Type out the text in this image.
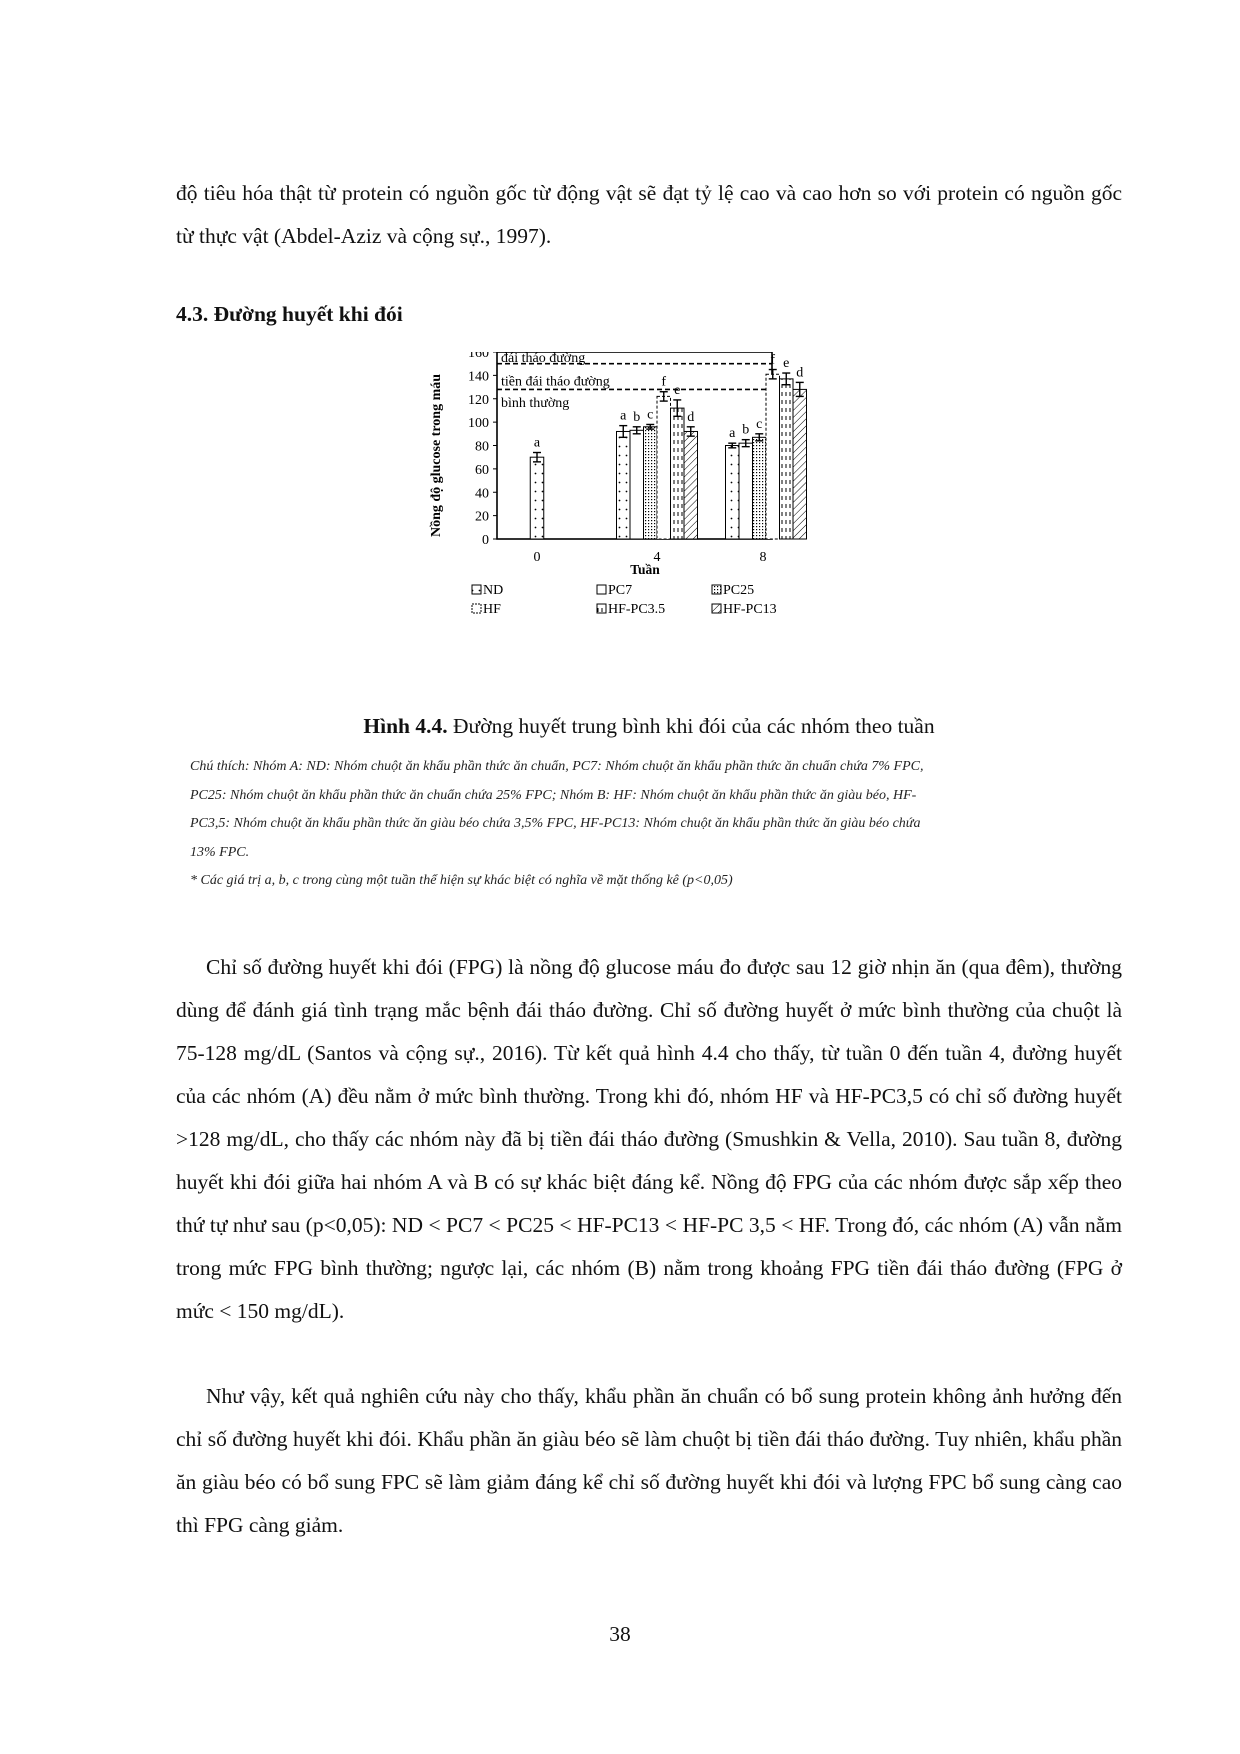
độ tiêu hóa thật từ protein có nguồn gốc từ động vật sẽ đạt tỷ lệ cao và cao hơn so với protein có nguồn gốc từ thực vật (Abdel-Aziz và cộng sự., 1997).
4.3. Đường huyết khi đói
0
20
40
60
80
100
120
140
160
Nồng độ glucose trong máu
đái tháo đường
tiền đái tháo đường
bình thường
0	4	8
Tuần
a
a
a
b
b
c
c
f
f
e
e
d
d
ND	PC7	PC25
HF	HF-PC3.5	HF-PC13
Hình 4.4. Đường huyết trung bình khi đói của các nhóm theo tuần
Chú thích: Nhóm A: ND: Nhóm chuột ăn khẩu phần thức ăn chuẩn, PC7: Nhóm chuột ăn khẩu phần thức ăn chuẩn chứa 7% FPC, PC25: Nhóm chuột ăn khẩu phần thức ăn chuẩn chứa 25% FPC; Nhóm B: HF: Nhóm chuột ăn khẩu phần thức ăn giàu béo, HF-PC3,5: Nhóm chuột ăn khẩu phần thức ăn giàu béo chứa 3,5% FPC, HF-PC13: Nhóm chuột ăn khẩu phần thức ăn giàu béo chứa 13% FPC.
* Các giá trị a, b, c trong cùng một tuần thể hiện sự khác biệt có nghĩa về mặt thống kê (p<0,05)
Chỉ số đường huyết khi đói (FPG) là nồng độ glucose máu đo được sau 12 giờ nhịn ăn (qua đêm), thường dùng để đánh giá tình trạng mắc bệnh đái tháo đường. Chỉ số đường huyết ở mức bình thường của chuột là 75-128 mg/dL (Santos và cộng sự., 2016). Từ kết quả hình 4.4 cho thấy, từ tuần 0 đến tuần 4, đường huyết của các nhóm (A) đều nằm ở mức bình thường. Trong khi đó, nhóm HF và HF-PC3,5 có chỉ số đường huyết >128 mg/dL, cho thấy các nhóm này đã bị tiền đái tháo đường (Smushkin & Vella, 2010). Sau tuần 8, đường huyết khi đói giữa hai nhóm A và B có sự khác biệt đáng kể. Nồng độ FPG của các nhóm được sắp xếp theo thứ tự như sau (p<0,05): ND < PC7 < PC25 < HF-PC13 < HF-PC 3,5 < HF. Trong đó, các nhóm (A) vẫn nằm trong mức FPG bình thường; ngược lại, các nhóm (B) nằm trong khoảng FPG tiền đái tháo đường (FPG ở mức < 150 mg/dL).
Như vậy, kết quả nghiên cứu này cho thấy, khẩu phần ăn chuẩn có bổ sung protein không ảnh hưởng đến chỉ số đường huyết khi đói. Khẩu phần ăn giàu béo sẽ làm chuột bị tiền đái tháo đường. Tuy nhiên, khẩu phần ăn giàu béo có bổ sung FPC sẽ làm giảm đáng kể chỉ số đường huyết khi đói và lượng FPC bổ sung càng cao thì FPG càng giảm.
38
